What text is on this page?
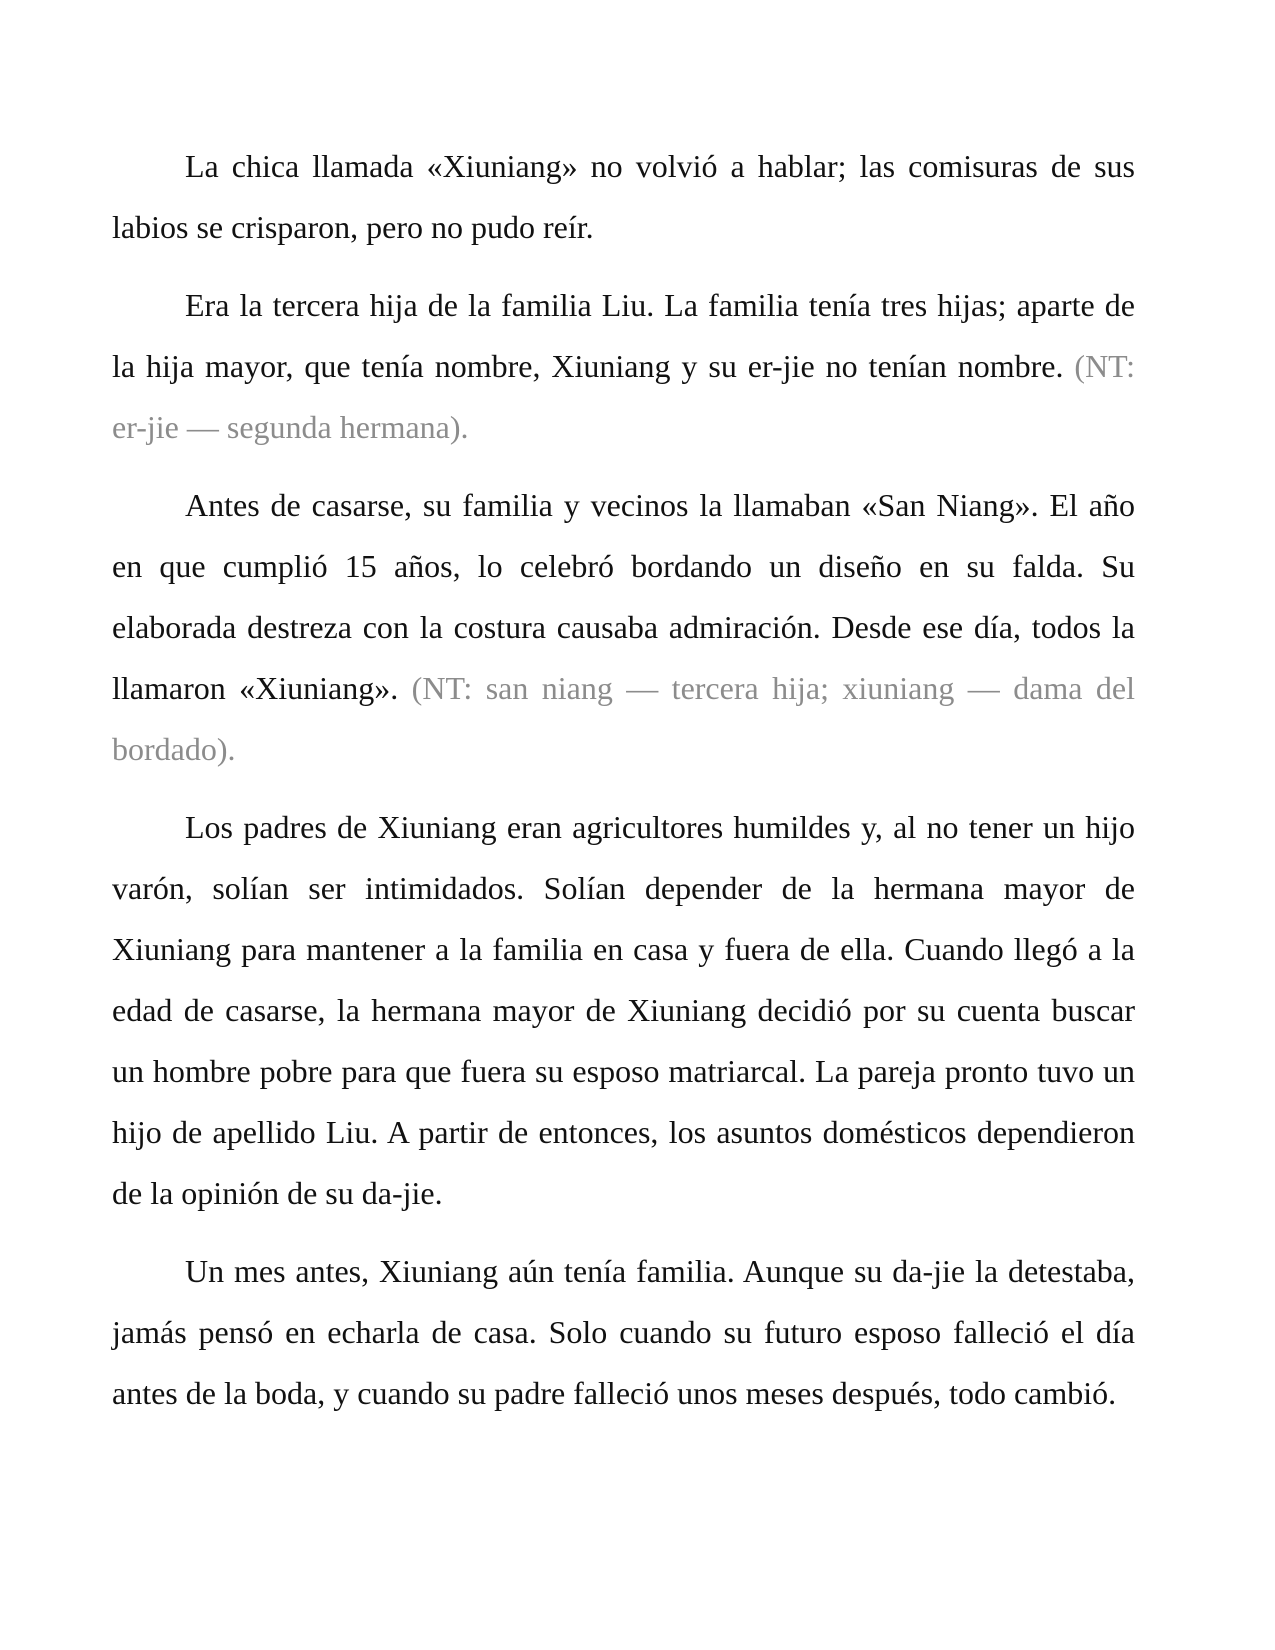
La chica llamada «Xiuniang» no volvió a hablar; las comisuras de sus labios se crisparon, pero no pudo reír.

Era la tercera hija de la familia Liu. La familia tenía tres hijas; aparte de la hija mayor, que tenía nombre, Xiuniang y su er-jie no tenían nombre. (NT: er-jie — segunda hermana).

Antes de casarse, su familia y vecinos la llamaban «San Niang». El año en que cumplió 15 años, lo celebró bordando un diseño en su falda. Su elaborada destreza con la costura causaba admiración. Desde ese día, todos la llamaron «Xiuniang». (NT: san niang — tercera hija; xiuniang — dama del bordado).

Los padres de Xiuniang eran agricultores humildes y, al no tener un hijo varón, solían ser intimidados. Solían depender de la hermana mayor de Xiuniang para mantener a la familia en casa y fuera de ella. Cuando llegó a la edad de casarse, la hermana mayor de Xiuniang decidió por su cuenta buscar un hombre pobre para que fuera su esposo matriarcal. La pareja pronto tuvo un hijo de apellido Liu. A partir de entonces, los asuntos domésticos dependieron de la opinión de su da-jie.

Un mes antes, Xiuniang aún tenía familia. Aunque su da-jie la detestaba, jamás pensó en echarla de casa. Solo cuando su futuro esposo falleció el día antes de la boda, y cuando su padre falleció unos meses después, todo cambió.
